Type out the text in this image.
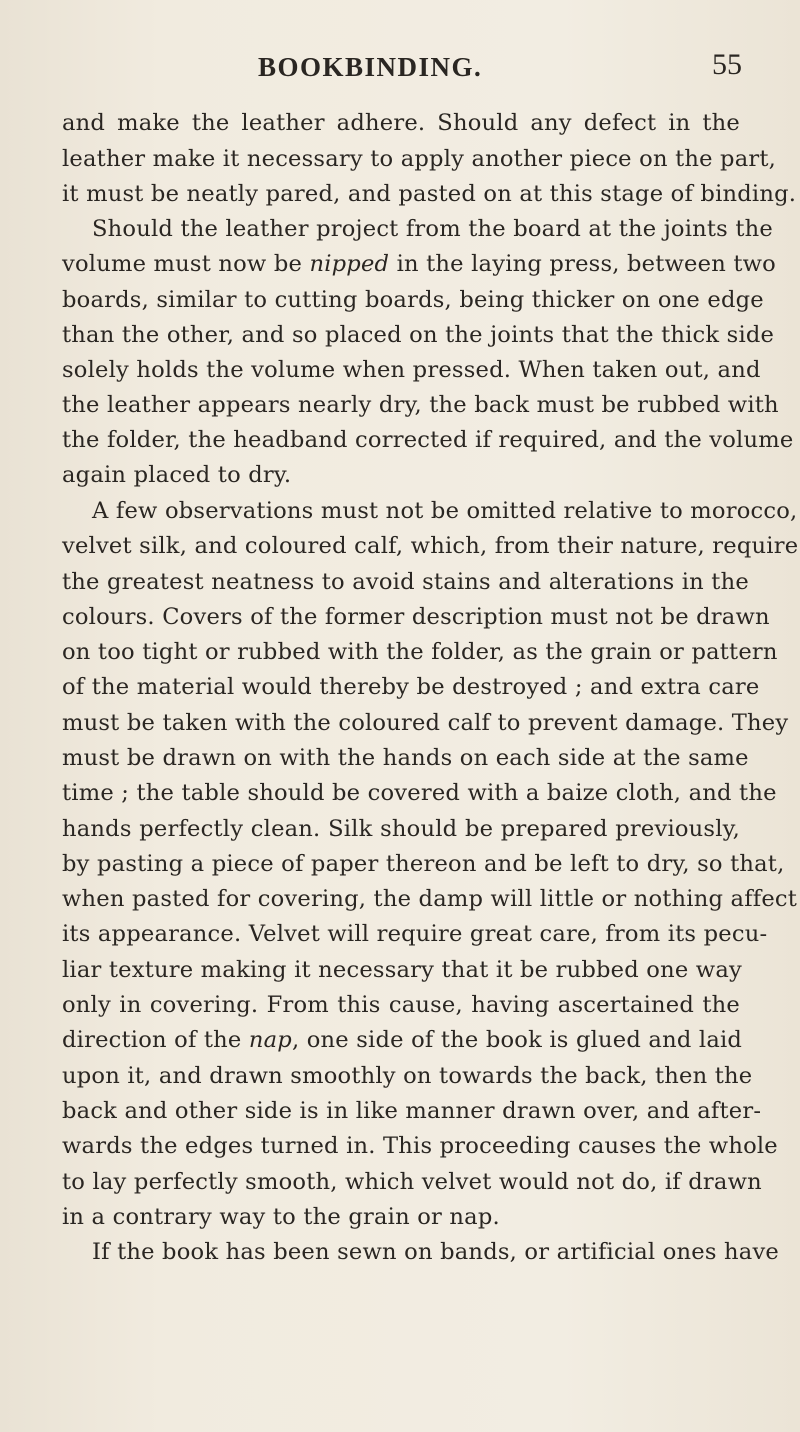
BOOKBINDING.	55
and make the leather adhere. Should any defect in the
leather make it necessary to apply another piece on the part,
it must be neatly pared, and pasted on at this stage of binding.
Should the leather project from the board at the joints the
volume must now be nipped in the laying press, between two
boards, similar to cutting boards, being thicker on one edge
than the other, and so placed on the joints that the thick side
solely holds the volume when pressed. When taken out, and
the leather appears nearly dry, the back must be rubbed with
the folder, the headband corrected if required, and the volume
again placed to dry.
A few observations must not be omitted relative to morocco,
velvet silk, and coloured calf, which, from their nature, require
the greatest neatness to avoid stains and alterations in the
colours. Covers of the former description must not be drawn
on too tight or rubbed with the folder, as the grain or pattern
of the material would thereby be destroyed ; and extra care
must be taken with the coloured calf to prevent damage. They
must be drawn on with the hands on each side at the same
time ; the table should be covered with a baize cloth, and the
hands perfectly clean. Silk should be prepared previously,
by pasting a piece of paper thereon and be left to dry, so that,
when pasted for covering, the damp will little or nothing affect
its appearance. Velvet will require great care, from its pecu-
liar texture making it necessary that it be rubbed one way
only in covering. From this cause, having ascertained the
direction of the nap, one side of the book is glued and laid
upon it, and drawn smoothly on towards the back, then the
back and other side is in like manner drawn over, and after-
wards the edges turned in. This proceeding causes the whole
to lay perfectly smooth, which velvet would not do, if drawn
in a contrary way to the grain or nap.
If the book has been sewn on bands, or artificial ones have
